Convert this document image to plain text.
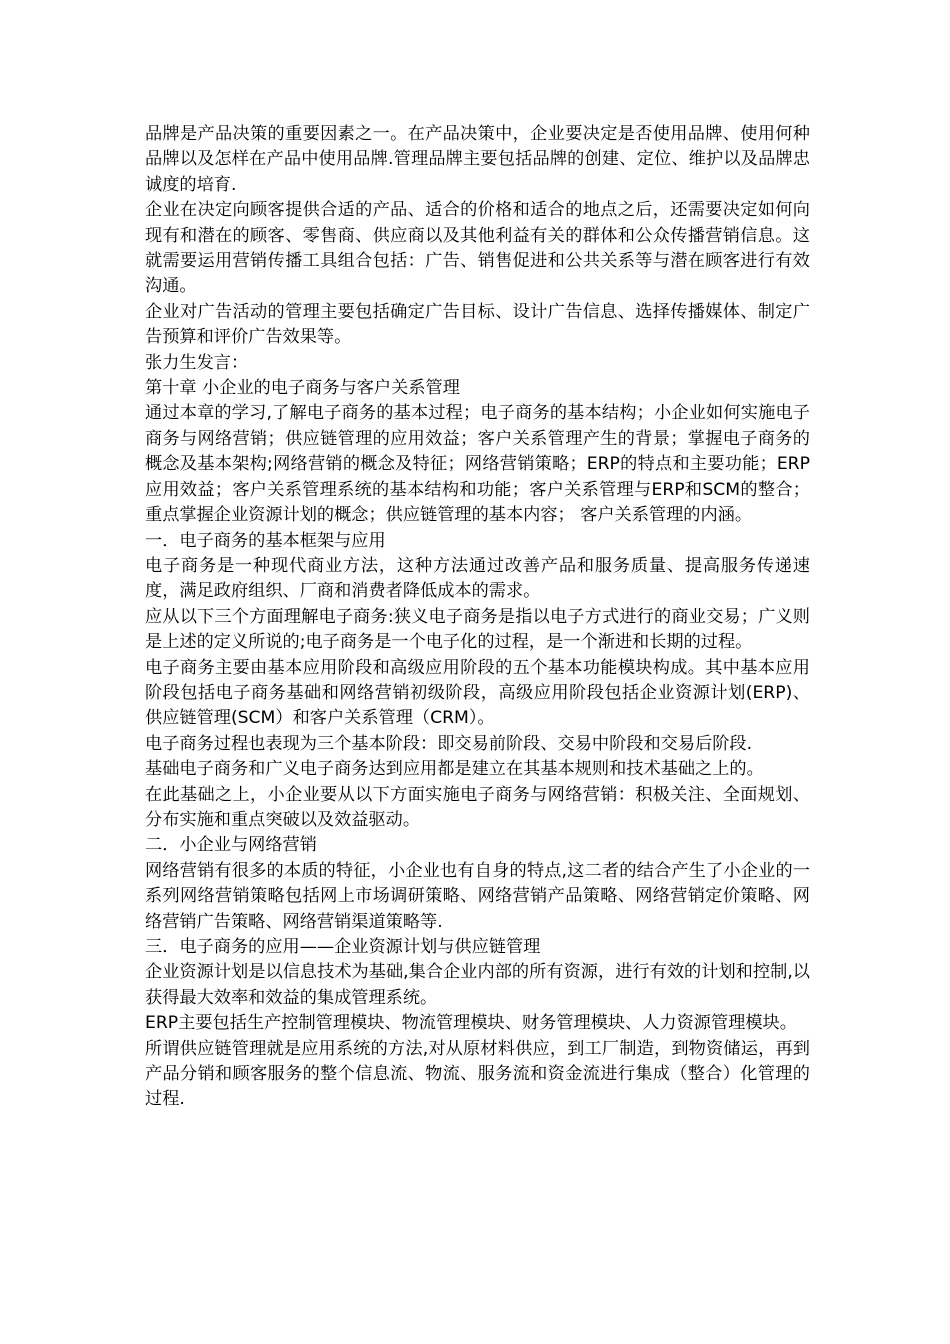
品牌是产品决策的重要因素之一。在产品决策中，企业要决定是否使用品牌、使用何种品牌以及怎样在产品中使用品牌.管理品牌主要包括品牌的创建、定位、维护以及品牌忠诚度的培育.

企业在决定向顾客提供合适的产品、适合的价格和适合的地点之后，还需要决定如何向现有和潜在的顾客、零售商、供应商以及其他利益有关的群体和公众传播营销信息。这就需要运用营销传播工具组合包括：广告、销售促进和公共关系等与潜在顾客进行有效沟通。

企业对广告活动的管理主要包括确定广告目标、设计广告信息、选择传播媒体、制定广告预算和评价广告效果等。

张力生发言：

第十章 小企业的电子商务与客户关系管理

通过本章的学习,了解电子商务的基本过程；电子商务的基本结构；小企业如何实施电子商务与网络营销；供应链管理的应用效益；客户关系管理产生的背景；掌握电子商务的概念及基本架构;网络营销的概念及特征；网络营销策略；ERP的特点和主要功能；ERP应用效益；客户关系管理系统的基本结构和功能；客户关系管理与ERP和SCM的整合；重点掌握企业资源计划的概念；供应链管理的基本内容； 客户关系管理的内涵。

一．电子商务的基本框架与应用

电子商务是一种现代商业方法，这种方法通过改善产品和服务质量、提高服务传递速度，满足政府组织、厂商和消费者降低成本的需求。

应从以下三个方面理解电子商务:狭义电子商务是指以电子方式进行的商业交易；广义则是上述的定义所说的;电子商务是一个电子化的过程，是一个渐进和长期的过程。

电子商务主要由基本应用阶段和高级应用阶段的五个基本功能模块构成。其中基本应用阶段包括电子商务基础和网络营销初级阶段，高级应用阶段包括企业资源计划(ERP)、供应链管理(SCM）和客户关系管理（CRM）。

电子商务过程也表现为三个基本阶段：即交易前阶段、交易中阶段和交易后阶段.

基础电子商务和广义电子商务达到应用都是建立在其基本规则和技术基础之上的。

在此基础之上，小企业要从以下方面实施电子商务与网络营销：积极关注、全面规划、分布实施和重点突破以及效益驱动。

二．小企业与网络营销

网络营销有很多的本质的特征，小企业也有自身的特点,这二者的结合产生了小企业的一系列网络营销策略包括网上市场调研策略、网络营销产品策略、网络营销定价策略、网络营销广告策略、网络营销渠道策略等.

三．电子商务的应用——企业资源计划与供应链管理

企业资源计划是以信息技术为基础,集合企业内部的所有资源，进行有效的计划和控制,以获得最大效率和效益的集成管理系统。

ERP主要包括生产控制管理模块、物流管理模块、财务管理模块、人力资源管理模块。

所谓供应链管理就是应用系统的方法,对从原材料供应，到工厂制造，到物资储运，再到产品分销和顾客服务的整个信息流、物流、服务流和资金流进行集成（整合）化管理的过程.
